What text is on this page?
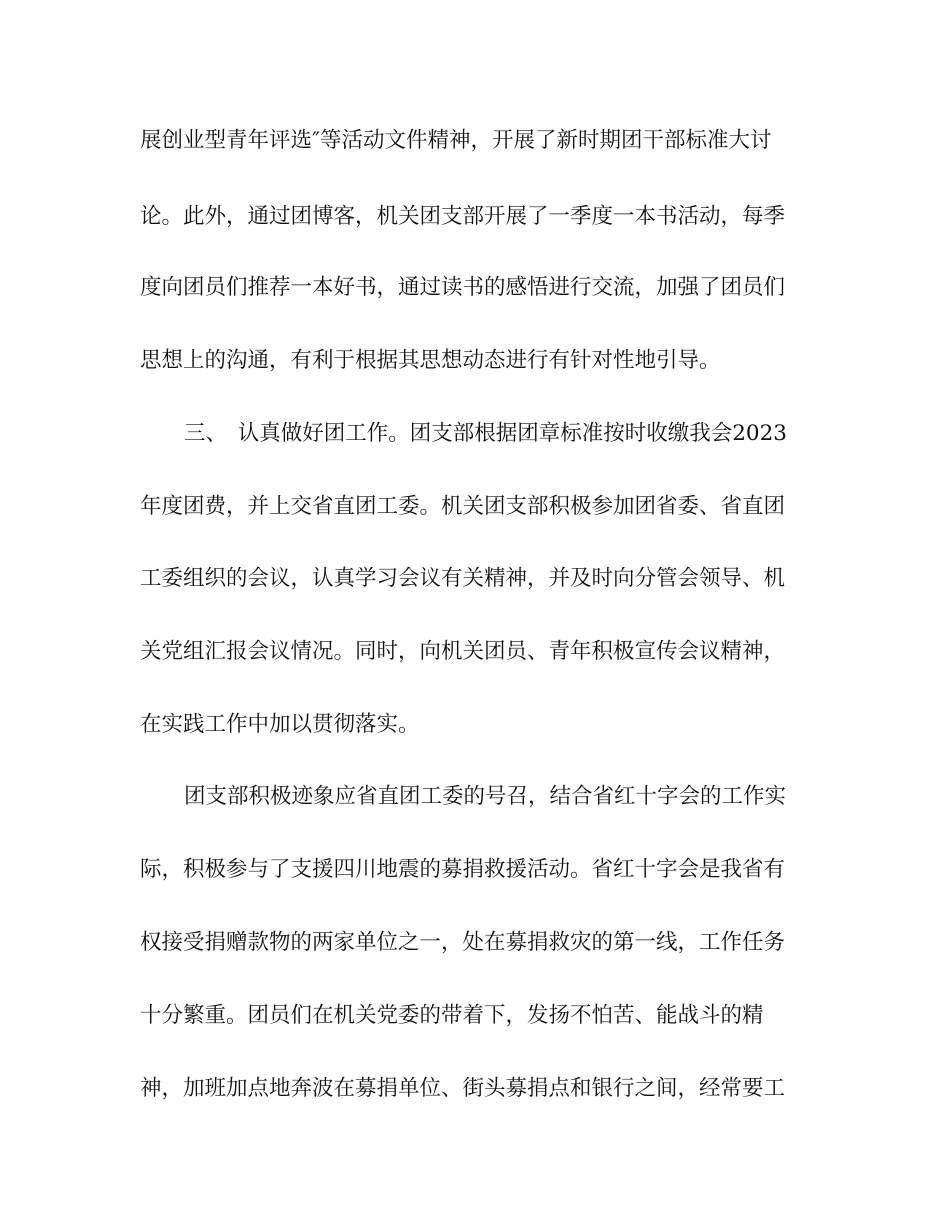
展创业型青年评选″等活动文件精神，开展了新时期团干部标准大讨
论。此外，通过团博客，机关团支部开展了一季度一本书活动，每季
度向团员们推荐一本好书，通过读书的感悟进行交流，加强了团员们
思想上的沟通，有利于根据其思想动态进行有针对性地引导。
三、　认真做好团工作。团支部根据团章标准按时收缴我会2023
年度团费，并上交省直团工委。机关团支部积极参加团省委、省直团
工委组织的会议，认真学习会议有关精神，并及时向分管会领导、机
关党组汇报会议情况。同时，向机关团员、青年积极宣传会议精神，
在实践工作中加以贯彻落实。
团支部积极迹象应省直团工委的号召，结合省红十字会的工作实
际，积极参与了支援四川地震的募捐救援活动。省红十字会是我省有
权接受捐赠款物的两家单位之一，处在募捐救灾的第一线，工作任务
十分繁重。团员们在机关党委的带着下，发扬不怕苦、能战斗的精
神，加班加点地奔波在募捐单位、街头募捐点和银行之间，经常要工
